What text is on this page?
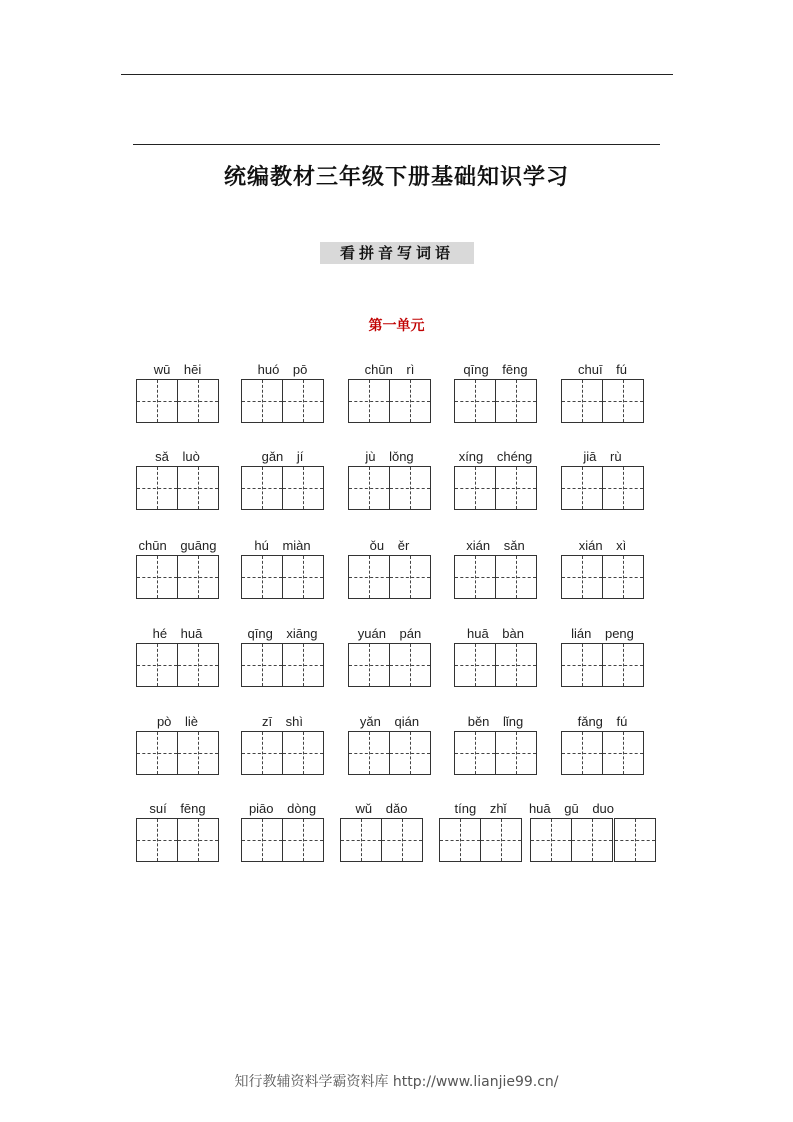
统编教材三年级下册基础知识学习
看拼音写词语
第一单元
wū hēi	huó pō	chūn rì	qīng fēng	chuī fú
sǎ luò	gǎn jí	jù lǒng	xíng chéng	jiā rù
chūn guāng	hú miàn	ǒu ěr	xián sǎn	xián xì
hé huā	qīng xiāng	yuán pán	huā bàn	lián peng
pò liè	zī shì	yǎn qián	běn lǐng	fǎng fú
suí fēng	piāo dòng	wǔ dǎo	tíng zhǐ	huā gū duo
知行教辅资料学霸资料库 http://www.lianjie99.cn/
